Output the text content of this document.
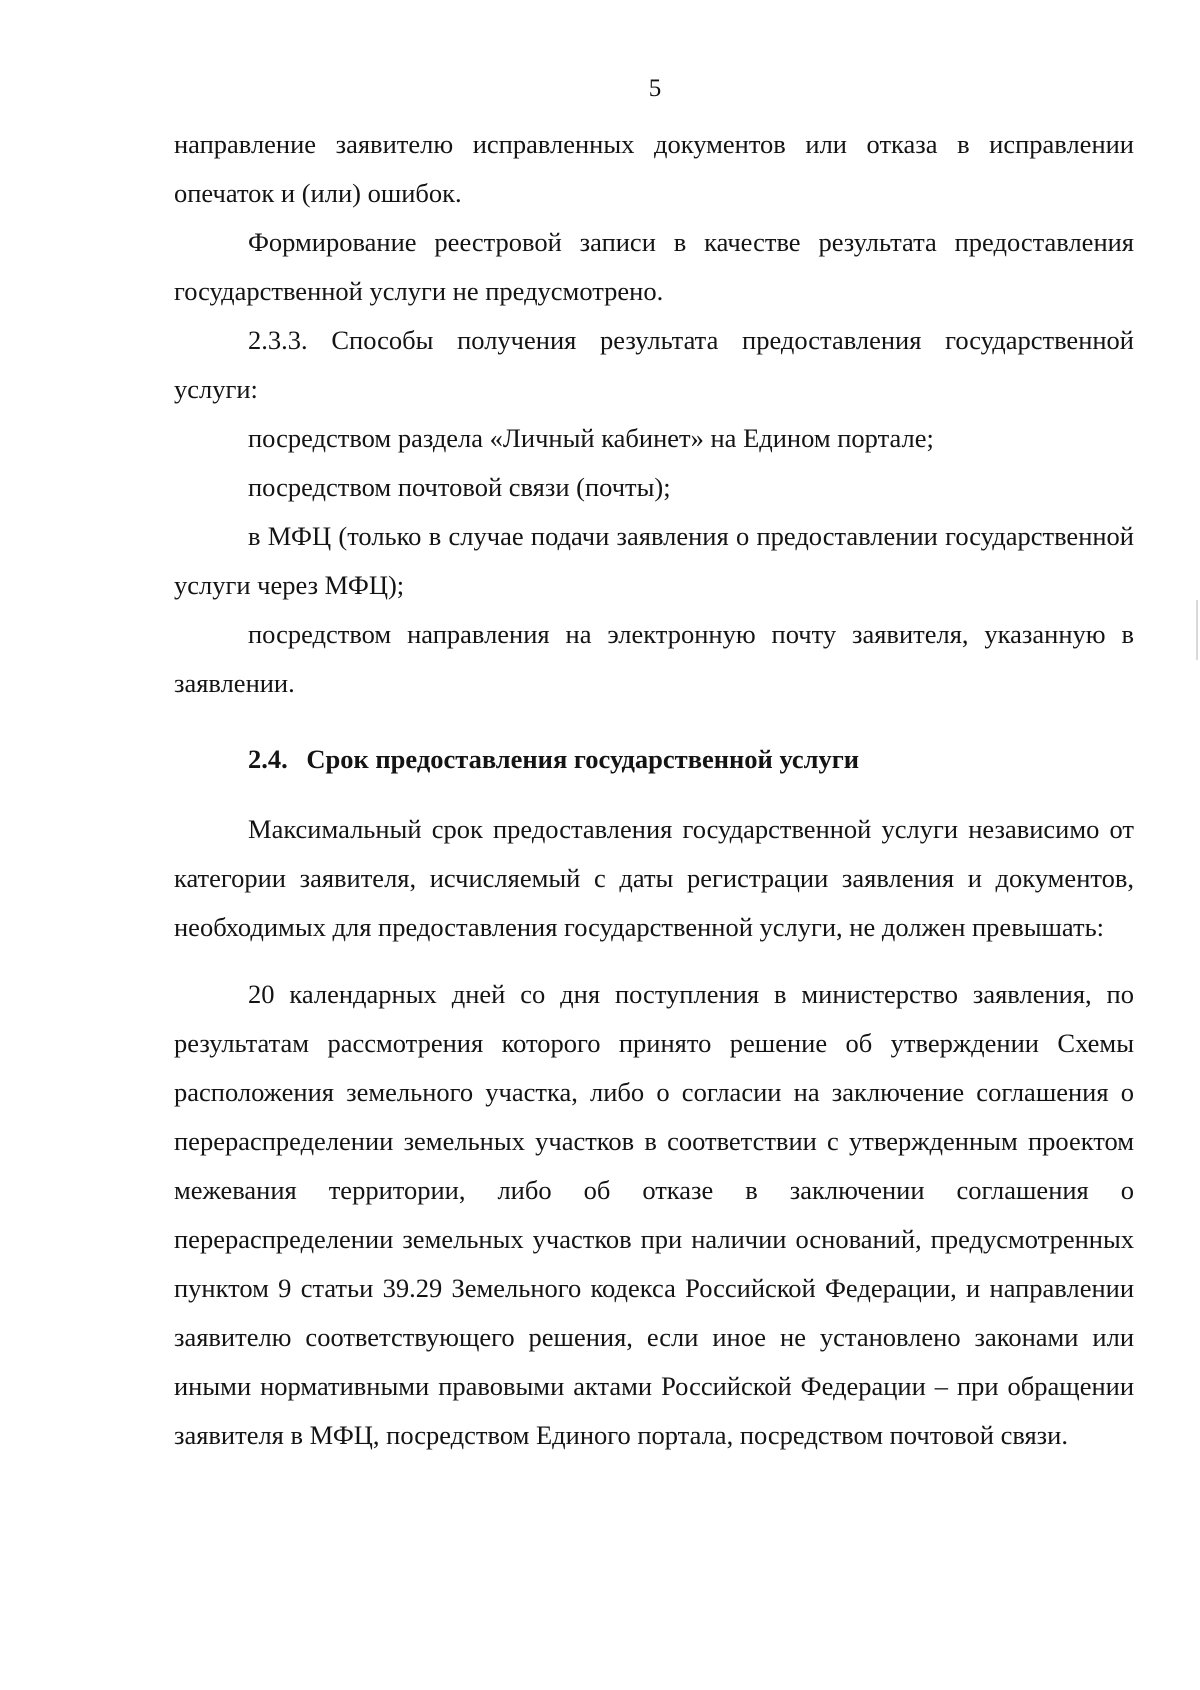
5

направление заявителю исправленных документов или отказа в исправлении опечаток и (или) ошибок.

Формирование реестровой записи в качестве результата предоставления государственной услуги не предусмотрено.

2.3.3. Способы получения результата предоставления государственной услуги:

посредством раздела «Личный кабинет» на Едином портале;

посредством почтовой связи (почты);

в МФЦ (только в случае подачи заявления о предоставлении государственной услуги через МФЦ);

посредством направления на электронную почту заявителя, указанную в заявлении.

2.4. Срок предоставления государственной услуги

Максимальный срок предоставления государственной услуги независимо от категории заявителя, исчисляемый с даты регистрации заявления и документов, необходимых для предоставления государственной услуги, не должен превышать:

20 календарных дней со дня поступления в министерство заявления, по результатам рассмотрения которого принято решение об утверждении Схемы расположения земельного участка, либо о согласии на заключение соглашения о перераспределении земельных участков в соответствии с утвержденным проектом межевания территории, либо об отказе в заключении соглашения о перераспределении земельных участков при наличии оснований, предусмотренных пунктом 9 статьи 39.29 Земельного кодекса Российской Федерации, и направлении заявителю соответствующего решения, если иное не установлено законами или иными нормативными правовыми актами Российской Федерации – при обращении заявителя в МФЦ, посредством Единого портала, посредством почтовой связи.
